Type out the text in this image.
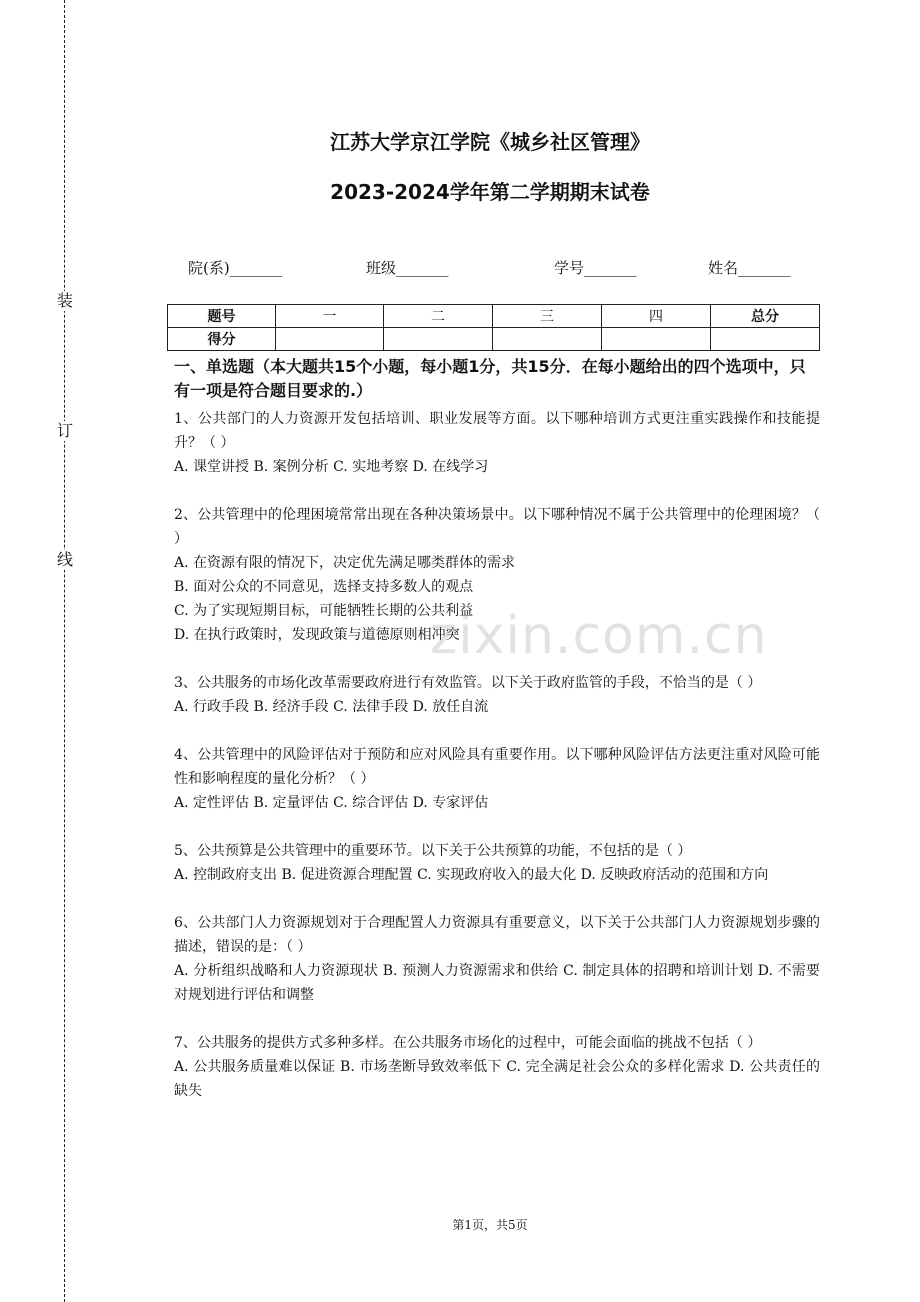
装
订
线
江苏大学京江学院《城乡社区管理》
2023-2024学年第二学期期末试卷
院(系)_______	班级_______	学号_______	姓名_______
题号	一	二	三	四	总分
得分					
一、单选题（本大题共15个小题，每小题1分，共15分．在每小题给出的四个选项中，只有一项是符合题目要求的.）

1、公共部门的人力资源开发包括培训、职业发展等方面。以下哪种培训方式更注重实践操作和技能提升？（ ）

A. 课堂讲授 B. 案例分析 C. 实地考察 D. 在线学习

2、公共管理中的伦理困境常常出现在各种决策场景中。以下哪种情况不属于公共管理中的伦理困境？（ ）

A. 在资源有限的情况下，决定优先满足哪类群体的需求

B. 面对公众的不同意见，选择支持多数人的观点

C. 为了实现短期目标，可能牺牲长期的公共利益

D. 在执行政策时，发现政策与道德原则相冲突

3、公共服务的市场化改革需要政府进行有效监管。以下关于政府监管的手段，不恰当的是（ ）

A. 行政手段 B. 经济手段 C. 法律手段 D. 放任自流

4、公共管理中的风险评估对于预防和应对风险具有重要作用。以下哪种风险评估方法更注重对风险可能性和影响程度的量化分析？（ ）

A. 定性评估 B. 定量评估 C. 综合评估 D. 专家评估

5、公共预算是公共管理中的重要环节。以下关于公共预算的功能，不包括的是（ ）

A. 控制政府支出 B. 促进资源合理配置 C. 实现政府收入的最大化 D. 反映政府活动的范围和方向

6、公共部门人力资源规划对于合理配置人力资源具有重要意义，以下关于公共部门人力资源规划步骤的描述，错误的是：（ ）

A. 分析组织战略和人力资源现状 B. 预测人力资源需求和供给 C. 制定具体的招聘和培训计划 D. 不需要对规划进行评估和调整

7、公共服务的提供方式多种多样。在公共服务市场化的过程中，可能会面临的挑战不包括（ ）

A. 公共服务质量难以保证 B. 市场垄断导致效率低下 C. 完全满足社会公众的多样化需求 D. 公共责任的缺失

zixin.com.cn
第1页，共5页
